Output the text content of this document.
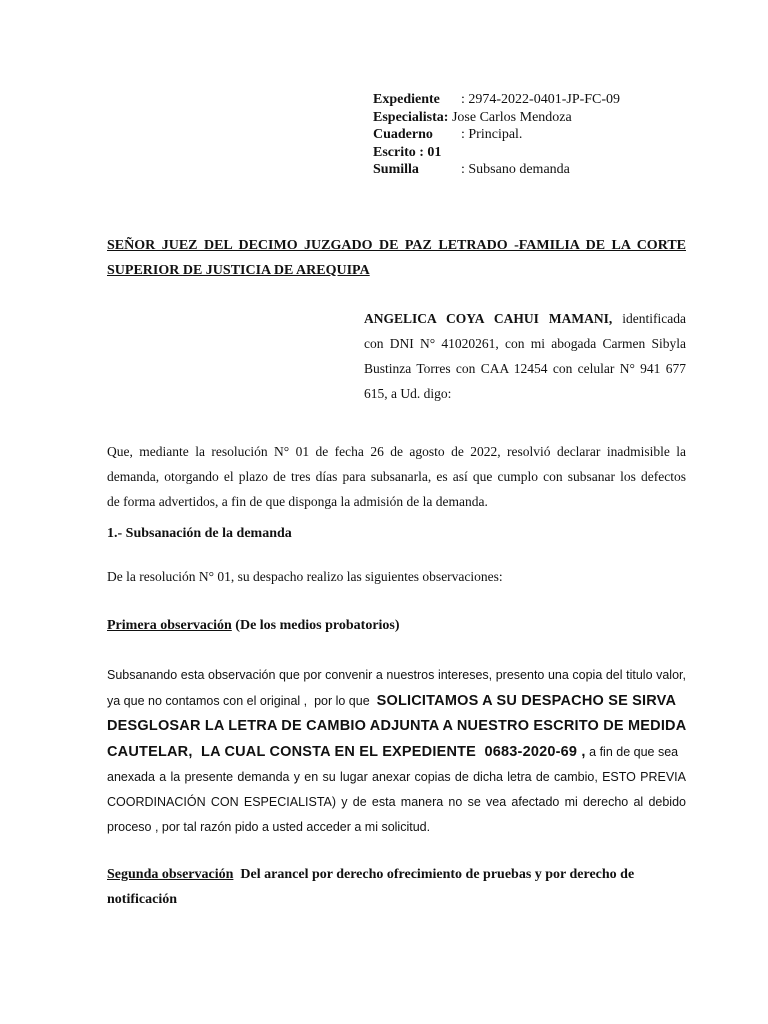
Expediente	: 2974-2022-0401-JP-FC-09
Especialista: Jose Carlos Mendoza
Cuaderno	: Principal.
Escrito : 01
Sumilla	: Subsano demanda
SEÑOR JUEZ DEL DECIMO JUZGADO DE PAZ LETRADO -FAMILIA DE LA CORTE
SUPERIOR DE JUSTICIA DE AREQUIPA
ANGELICA COYA CAHUI MAMANI, identificada
con DNI N° 41020261, con mi abogada Carmen Sibyla
Bustinza Torres con CAA 12454 con celular N° 941 677
615, a Ud. digo:
Que, mediante la resolución N° 01 de fecha 26 de agosto de 2022, resolvió declarar inadmisible la
demanda, otorgando el plazo de tres días para subsanarla, es así que cumplo con subsanar los defectos
de forma advertidos, a fin de que disponga la admisión de la demanda.
1.- Subsanación de la demanda
De la resolución N° 01, su despacho realizo las siguientes observaciones:
Primera observación (De los medios probatorios)
Subsanando esta observación que por convenir a nuestros intereses, presento una copia del titulo valor,
ya que no contamos con el original ,  por lo que  SOLICITAMOS A SU DESPACHO SE SIRVA
DESGLOSAR LA LETRA DE CAMBIO ADJUNTA A NUESTRO ESCRITO DE MEDIDA
CAUTELAR,  LA CUAL CONSTA EN EL EXPEDIENTE  0683-2020-69 , a fin de que sea
anexada a la presente demanda y en su lugar anexar copias de dicha letra de cambio, ESTO PREVIA
COORDINACIÓN CON ESPECIALISTA) y de esta manera no se vea afectado mi derecho al debido
proceso , por tal razón pido a usted acceder a mi solicitud.
Segunda observación  Del arancel por derecho ofrecimiento de pruebas y por derecho de
notificación
